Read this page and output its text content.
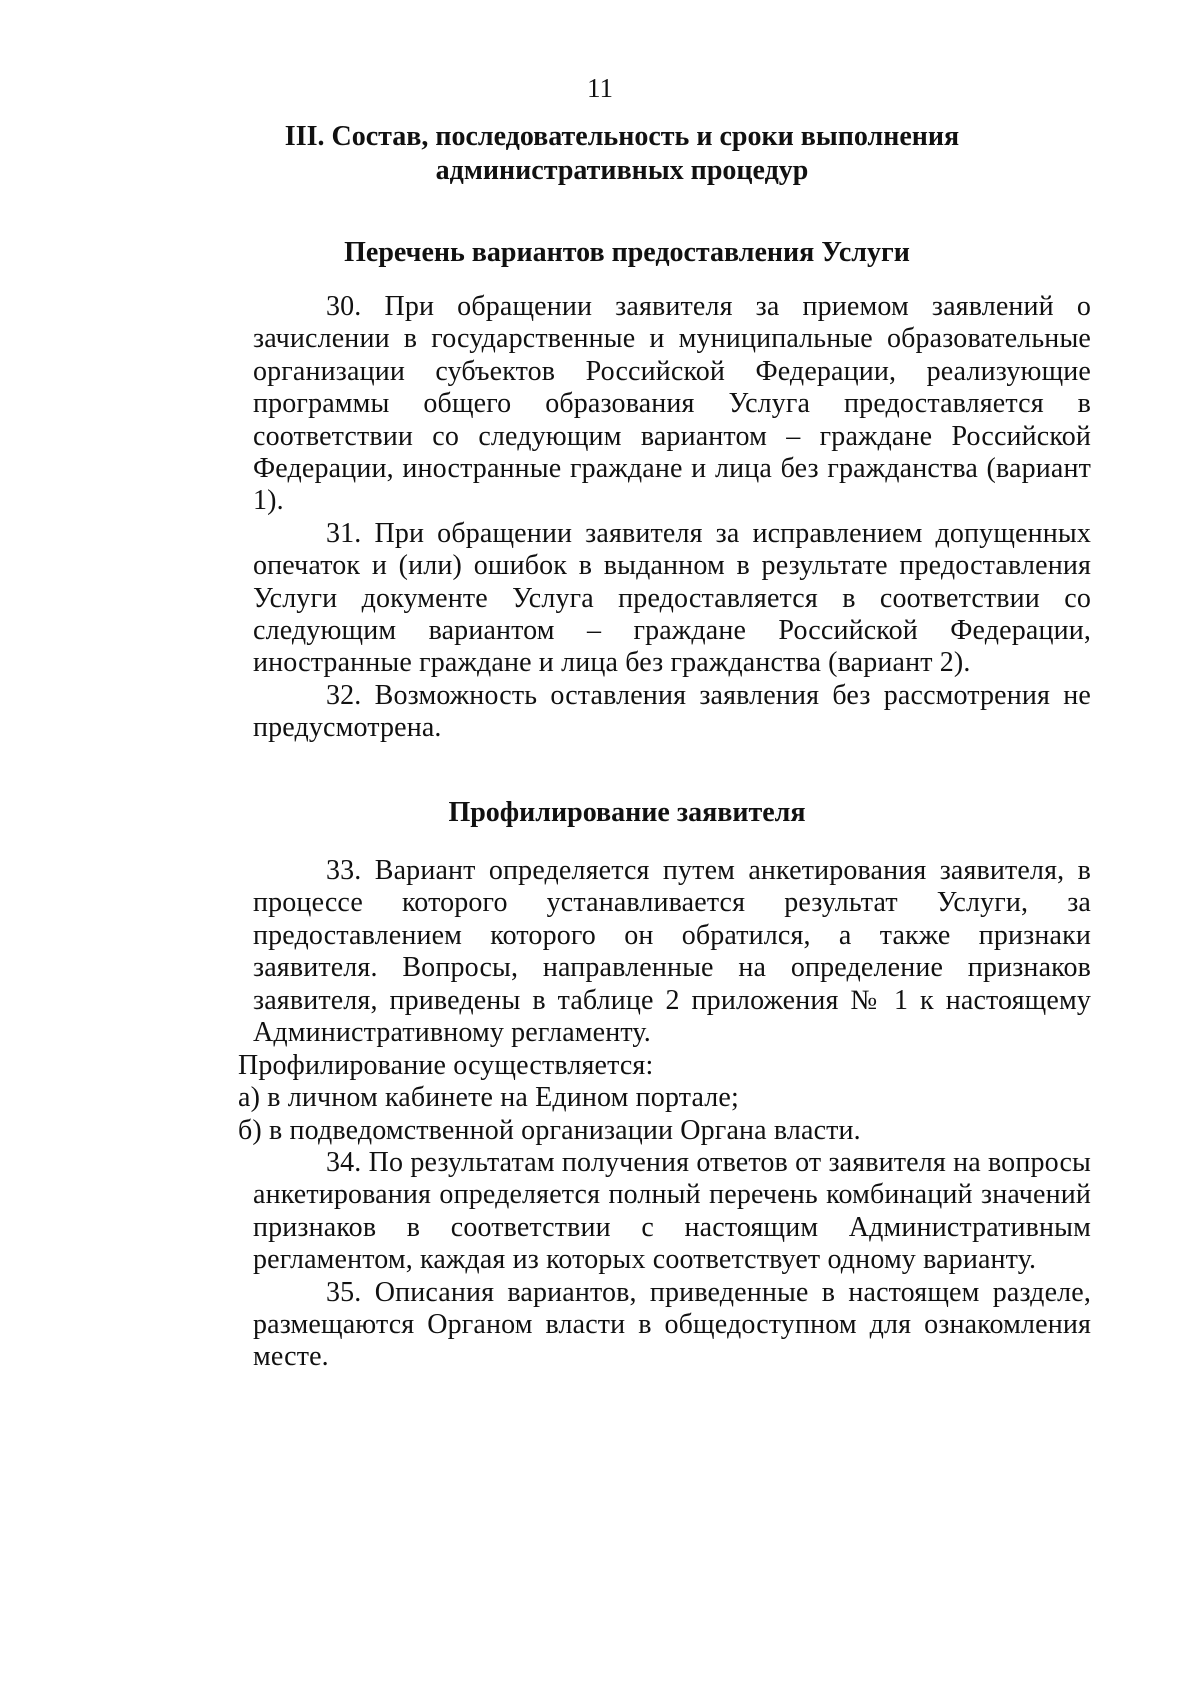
11
III. Состав, последовательность и сроки выполнения
административных процедур
Перечень вариантов предоставления Услуги

30. При обращении заявителя за приемом заявлений о зачислении в государственные и муниципальные образовательные организации субъектов Российской Федерации, реализующие программы общего образования Услуга предоставляется в соответствии со следующим вариантом – граждане Российской Федерации, иностранные граждане и лица без гражданства (вариант 1).

31. При обращении заявителя за исправлением допущенных опечаток и (или) ошибок в выданном в результате предоставления Услуги документе Услуга предоставляется в соответствии со следующим вариантом – граждане Российской Федерации, иностранные граждане и лица без гражданства (вариант 2).

32. Возможность оставления заявления без рассмотрения не предусмотрена.

Профилирование заявителя

33. Вариант определяется путем анкетирования заявителя, в процессе которого устанавливается результат Услуги, за предоставлением которого он обратился, а также признаки заявителя. Вопросы, направленные на определение признаков заявителя, приведены в таблице 2 приложения № 1 к настоящему Административному регламенту.

Профилирование осуществляется:

а) в личном кабинете на Едином портале;

б) в подведомственной организации Органа власти.

34. По результатам получения ответов от заявителя на вопросы анкетирования определяется полный перечень комбинаций значений признаков в соответствии с настоящим Административным регламентом, каждая из которых соответствует одному варианту.

35. Описания вариантов, приведенные в настоящем разделе, размещаются Органом власти в общедоступном для ознакомления месте.
